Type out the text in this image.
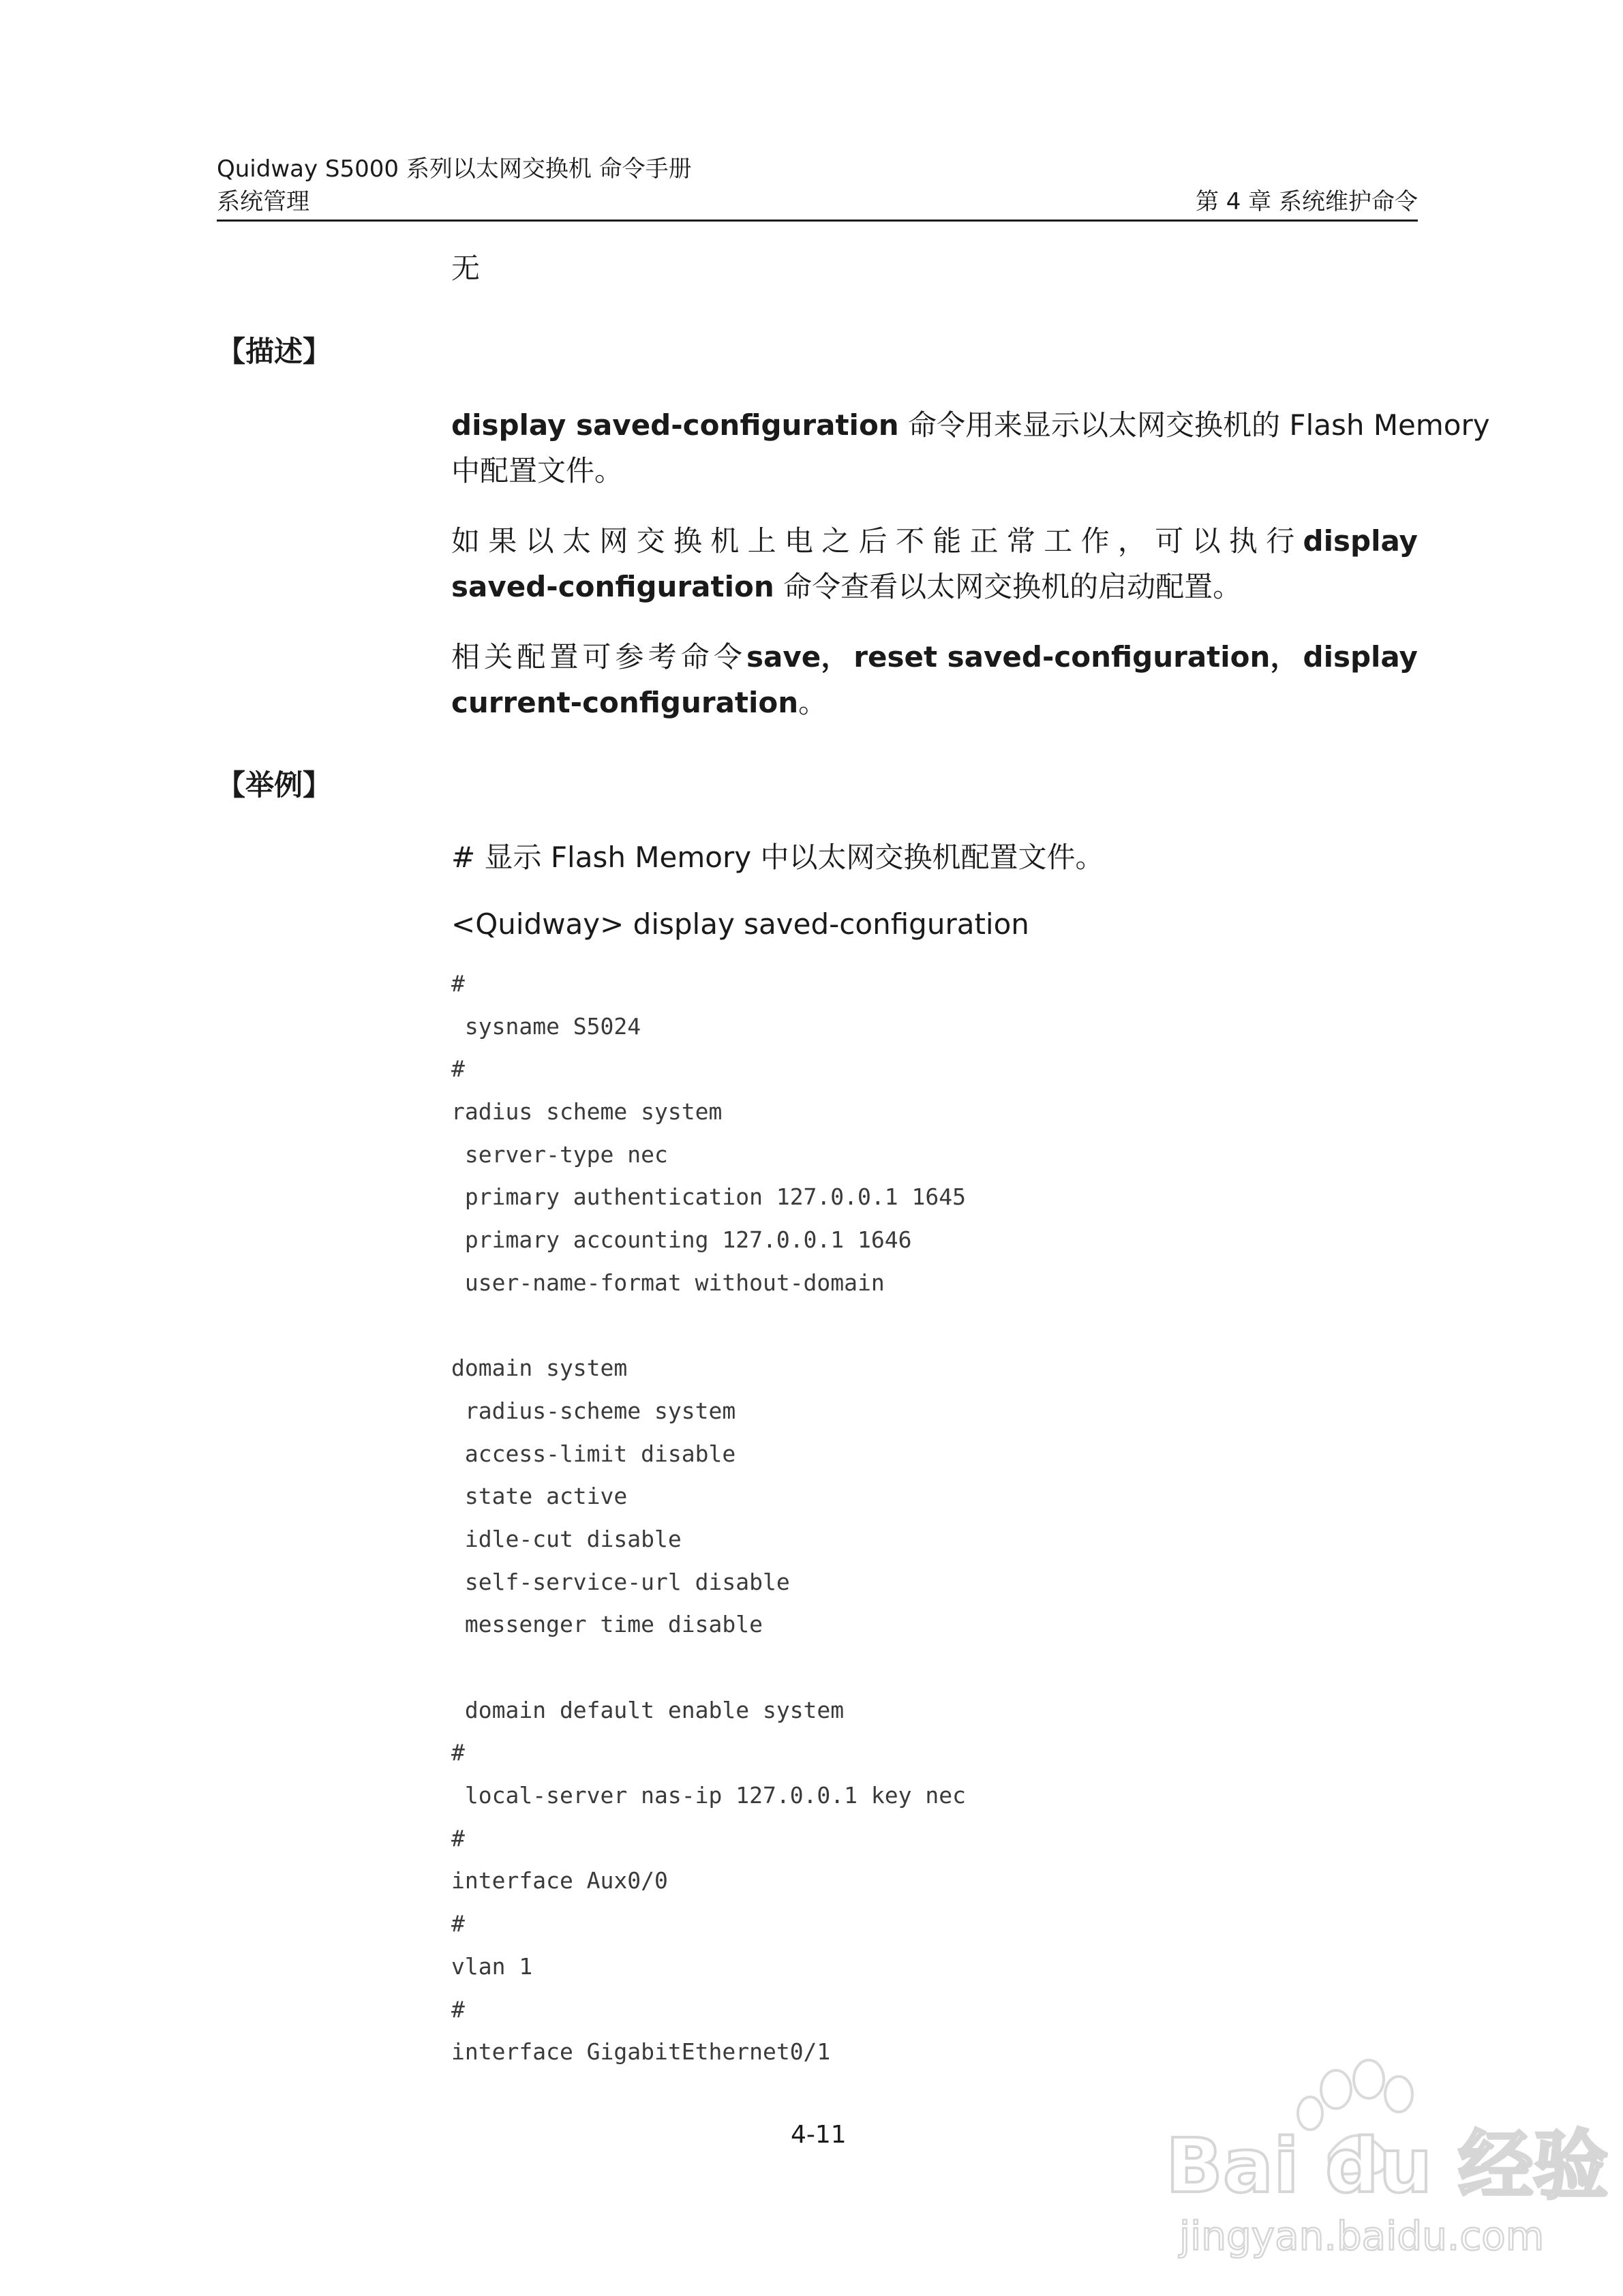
Quidway S5000 系列以太网交换机 命令手册
系统管理	第 4 章 系统维护命令
无
【描述】
display saved-configuration 命令用来显示以太网交换机的 Flash Memory
中配置文件。
如 果 以 太 网 交 换 机 上 电 之 后 不 能 正 常 工 作 ， 可 以 执 行 display
saved-configuration 命令查看以太网交换机的启动配置。
相 关 配 置 可 参 考 命 令 save， reset saved-configuration， display
current-configuration。
【举例】
# 显示 Flash Memory 中以太网交换机配置文件。
<Quidway> display saved-configuration
#
sysname S5024
#
radius scheme system
server-type nec
primary authentication 127.0.0.1 1645
primary accounting 127.0.0.1 1646
user-name-format without-domain
domain system
radius-scheme system
access-limit disable
state active
idle-cut disable
self-service-url disable
messenger time disable
domain default enable system
#
local-server nas-ip 127.0.0.1 key nec
#
interface Aux0/0
#
vlan 1
#
interface GigabitEthernet0/1
4-11	Bai du 经验
jingyan.baidu.com
